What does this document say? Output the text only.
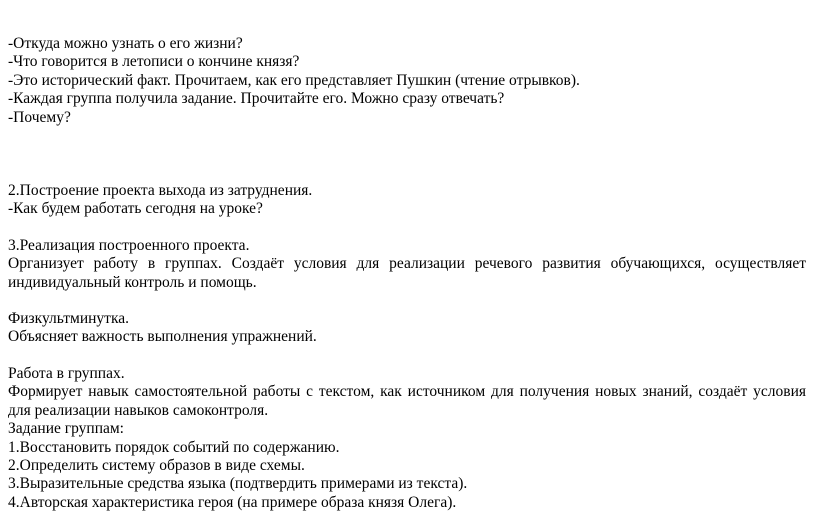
-Откуда можно узнать о его жизни?
-Что говорится в летописи о кончине князя?
-Это исторический факт. Прочитаем, как его представляет Пушкин (чтение отрывков).
-Каждая группа получила задание. Прочитайте его. Можно сразу отвечать?
-Почему?
2.Построение проекта выхода из затруднения.
-Как будем работать сегодня на уроке?
3.Реализация построенного проекта.
Организует работу в группах. Создаёт условия для реализации речевого развития обучающихся, осуществляет индивидуальный контроль и помощь.
Физкультминутка.
Объясняет важность выполнения упражнений.
Работа в группах.
Формирует навык самостоятельной работы с текстом, как источником для получения новых знаний, создаёт условия для реализации навыков самоконтроля.
Задание группам:
1.Восстановить порядок событий по содержанию.
2.Определить систему образов в виде схемы.
3.Выразительные средства языка (подтвердить примерами из текста).
4.Авторская характеристика героя (на примере образа князя Олега).
